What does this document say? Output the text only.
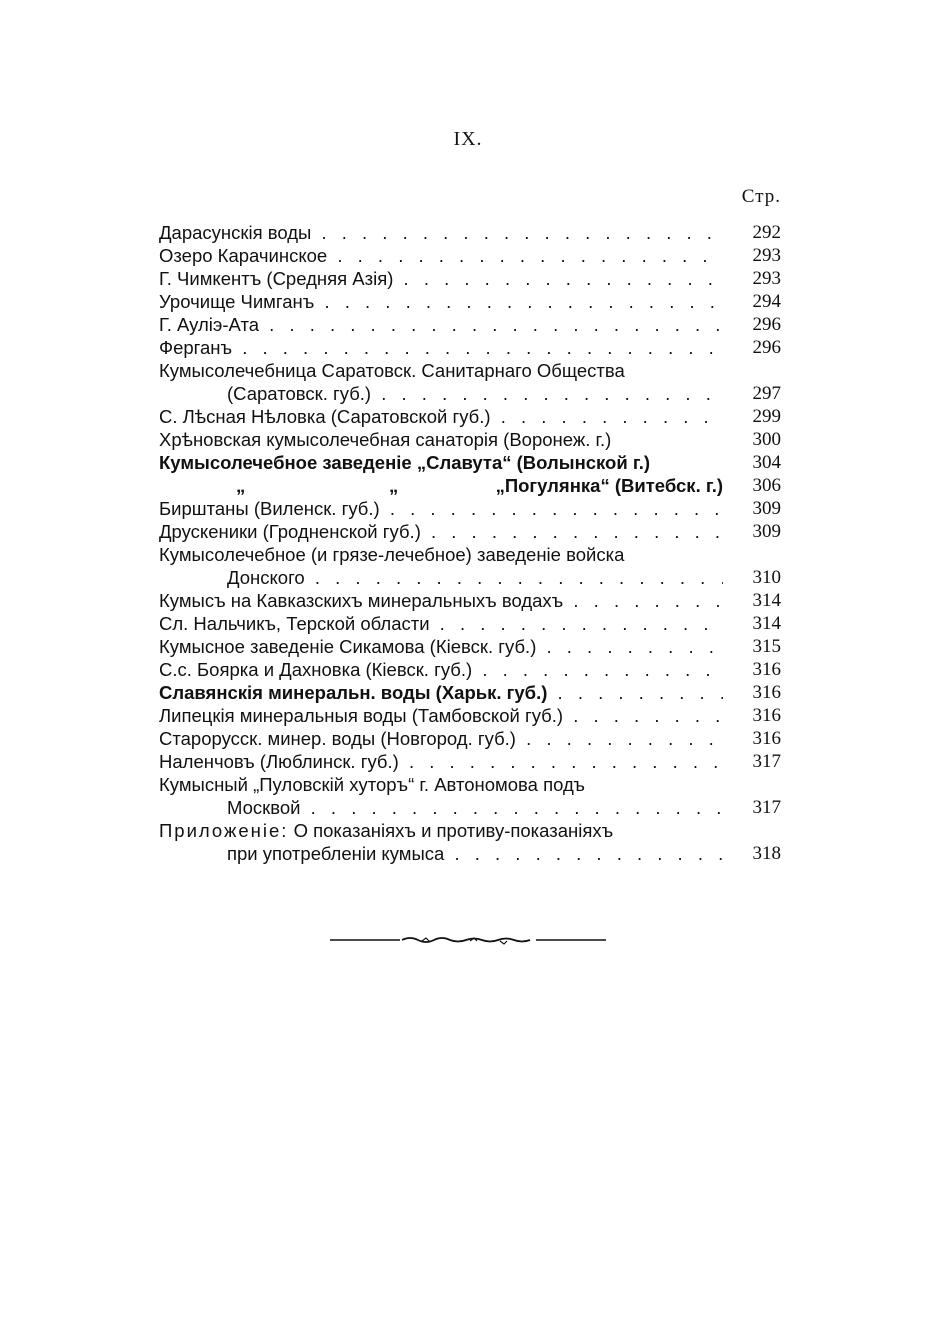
IX.
Стр.
Дарасунскія воды . .	292
Озеро Карачинское . .	293
Г. Чимкентъ (Средняя Азія) . .	293
Урочище Чимганъ . .	294
Г. Ауліэ-Ата . .	296
Ферганъ . .	296
Кумысолечебница Саратовск. Санитарнаго Общества
(Саратовск. губ.) . .	297
С. Лѣсная Нѣловка (Саратовской губ.) . .	299
Хрѣновская кумысолечебная санаторія (Воронеж. г.)	300
Кумысолечебное заведеніе „Славута“ (Волынской г.)	304
„	„	„Погулянка“ (Витебск. г.)	306
Бирштаны (Виленск. губ.) . .	309
Друскеники (Гродненской губ.) . .	309
Кумысолечебное (и грязе-лечебное) заведеніе войска
Донского . .	310
Кумысъ на Кавказскихъ минеральныхъ водахъ . .	314
Сл. Нальчикъ, Терской области . .	314
Кумысное заведеніе Сикамова (Кіевск. губ.) . .	315
С.с. Боярка и Дахновка (Кіевск. губ.) . .	316
Славянскія минеральн. воды (Харьк. губ.) . .	316
Липецкія минеральныя воды (Тамбовской губ.) . .	316
Старорусск. минер. воды (Новгород. губ.) . .	316
Наленчовъ (Люблинск. губ.) . .	317
Кумысный „Пуловскій хуторъ“ г. Автономова подъ
Москвой . .	317
Приложеніе: О показаніяхъ и противу-показаніяхъ
при употребленіи кумыса . .	318
